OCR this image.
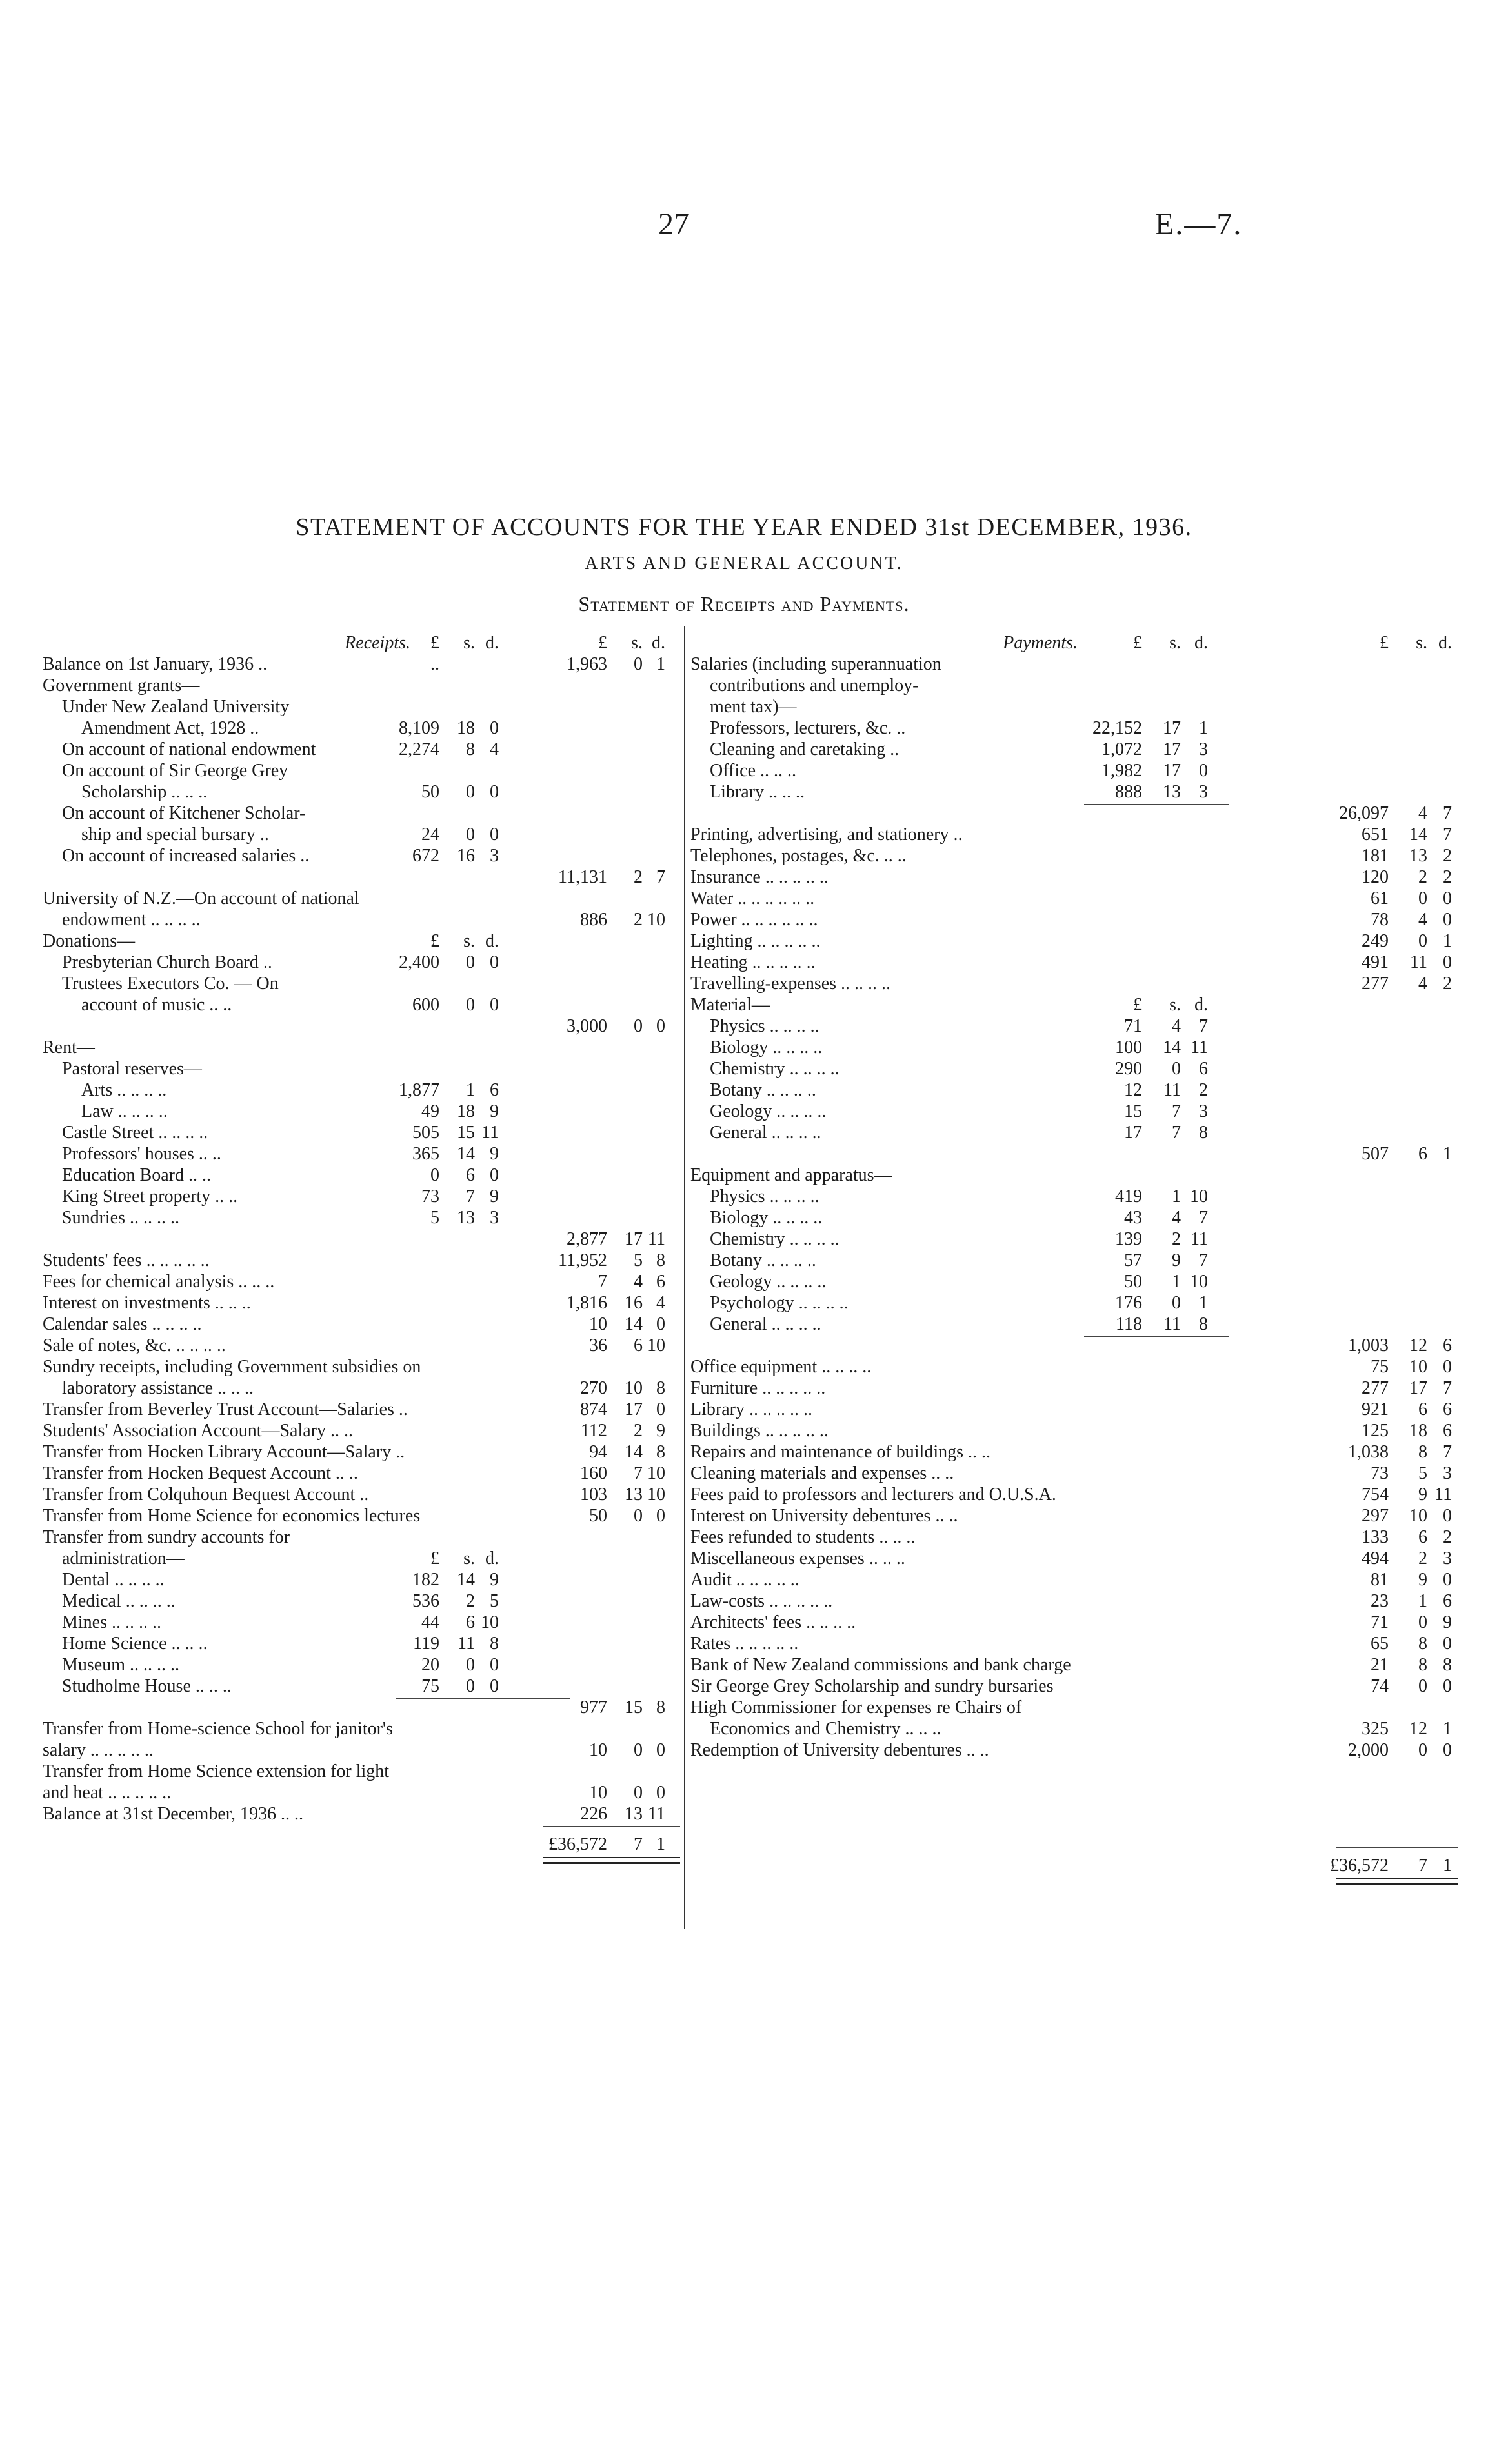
27	E.—7.
STATEMENT OF ACCOUNTS FOR THE YEAR ENDED 31st DECEMBER, 1936.
ARTS AND GENERAL ACCOUNT.
Statement of Receipts and Payments.
Receipts.	£	s. d.	£	s. d.
Balance on 1st January, 1936 ..	..	1,963	0 1
Government grants—
Under New Zealand University
Amendment Act, 1928 ..	8,109 18 0
On account of national endowment	2,274	8 4
On account of Sir George Grey
Scholarship .. .. ..	50	0 0
On account of Kitchener Scholar-
ship and special bursary ..	24	0 0
On account of increased salaries ..	672 16 3
11,131	2 7
University of N.Z.—On account of national
endowment .. .. .. ..	886	2 10
Donations—	£	s. d.
Presbyterian Church Board ..	2,400	0 0
Trustees Executors Co. — On
account of music .. ..	600	0 0
3,000	0 0
Rent—
Pastoral reserves—
Arts .. .. .. ..	1,877	1 6
Law .. .. .. ..	49 18 9
Castle Street .. .. .. ..	505 15 11
Professors' houses .. ..	365 14 9
Education Board .. ..	0	6 0
King Street property .. ..	73	7 9
Sundries .. .. .. ..	5 13 3
2,877 17 11
Students' fees .. .. .. .. ..	11,952	5 8
Fees for chemical analysis .. .. ..	7	4 6
Interest on investments .. .. ..	1,816 16 4
Calendar sales .. .. .. ..	10 14 0
Sale of notes, &c. .. .. .. ..	36	6 10
Sundry receipts, including Government subsidies on
laboratory assistance .. .. ..	270 10 8
Transfer from Beverley Trust Account—Salaries ..	874 17 0
Students' Association Account—Salary .. ..	112	2 9
Transfer from Hocken Library Account—Salary ..	94 14 8
Transfer from Hocken Bequest Account .. ..	160	7 10
Transfer from Colquhoun Bequest Account ..	103 13 10
Transfer from Home Science for economics lectures	50	0 0
Transfer from sundry accounts for
administration—	£	s. d.
Dental .. .. .. ..	182 14 9
Medical .. .. .. ..	536	2 5
Mines .. .. .. ..	44	6 10
Home Science .. .. ..	119	11 8
Museum .. .. .. ..	20	0 0
Studholme House .. .. ..	75	0 0
977 15 8
Transfer from Home-science School for janitor's
salary .. .. .. .. ..	10	0 0
Transfer from Home Science extension for light
and heat .. .. .. .. ..	10	0 0
Balance at 31st December, 1936 .. ..	226 13 11
£36,572	7 1
Payments.	£	s. d.	£	s. d.
Salaries (including superannuation
contributions and unemploy-
ment tax)—
Professors, lecturers, &c. ..	22,152	17	1
Cleaning and caretaking ..	1,072	17	3
Office .. .. ..	1,982	17	0
Library .. .. ..	888	13	3
26,097	4 7
Printing, advertising, and stationery ..	651	14 7
Telephones, postages, &c. .. ..	181	13 2
Insurance .. .. .. .. ..	120	2 2
Water .. .. .. .. .. ..	61	0 0
Power .. .. .. .. .. ..	78	4 0
Lighting .. .. .. .. ..	249	0 1
Heating .. .. .. .. ..	491	11 0
Travelling-expenses .. .. .. ..	277	4 2
Material—	£	s. d.
Physics .. .. .. ..	71	4	7
Biology .. .. .. ..	100	14 11
Chemistry .. .. .. ..	290	0	6
Botany .. .. .. ..	12	11	2
Geology .. .. .. ..	15	7	3
General .. .. .. ..	17	7	8
507	6 1
Equipment and apparatus—
Physics .. .. .. ..	419	1 10
Biology .. .. .. ..	43	4	7
Chemistry .. .. .. ..	139	2 11
Botany .. .. .. ..	57	9	7
Geology .. .. .. ..	50	1 10
Psychology .. .. .. ..	176	0	1
General .. .. .. ..	118	11	8
1,003	12 6
Office equipment .. .. .. ..	75	10 0
Furniture .. .. .. .. ..	277	17 7
Library .. .. .. .. ..	921	6 6
Buildings .. .. .. .. ..	125	18 6
Repairs and maintenance of buildings .. ..	1,038	8 7
Cleaning materials and expenses .. ..	73	5 3
Fees paid to professors and lecturers and O.U.S.A.	754	9 11
Interest on University debentures .. ..	297	10 0
Fees refunded to students .. .. ..	133	6 2
Miscellaneous expenses .. .. ..	494	2 3
Audit .. .. .. .. ..	81	9 0
Law-costs .. .. .. .. ..	23	1 6
Architects' fees .. .. .. ..	71	0 9
Rates .. .. .. .. ..	65	8 0
Bank of New Zealand commissions and bank charge	21	8 8
Sir George Grey Scholarship and sundry bursaries	74	0 0
High Commissioner for expenses re Chairs of
Economics and Chemistry .. .. ..	325	12 1
Redemption of University debentures .. ..	2,000	0 0
£36,572	7 1
